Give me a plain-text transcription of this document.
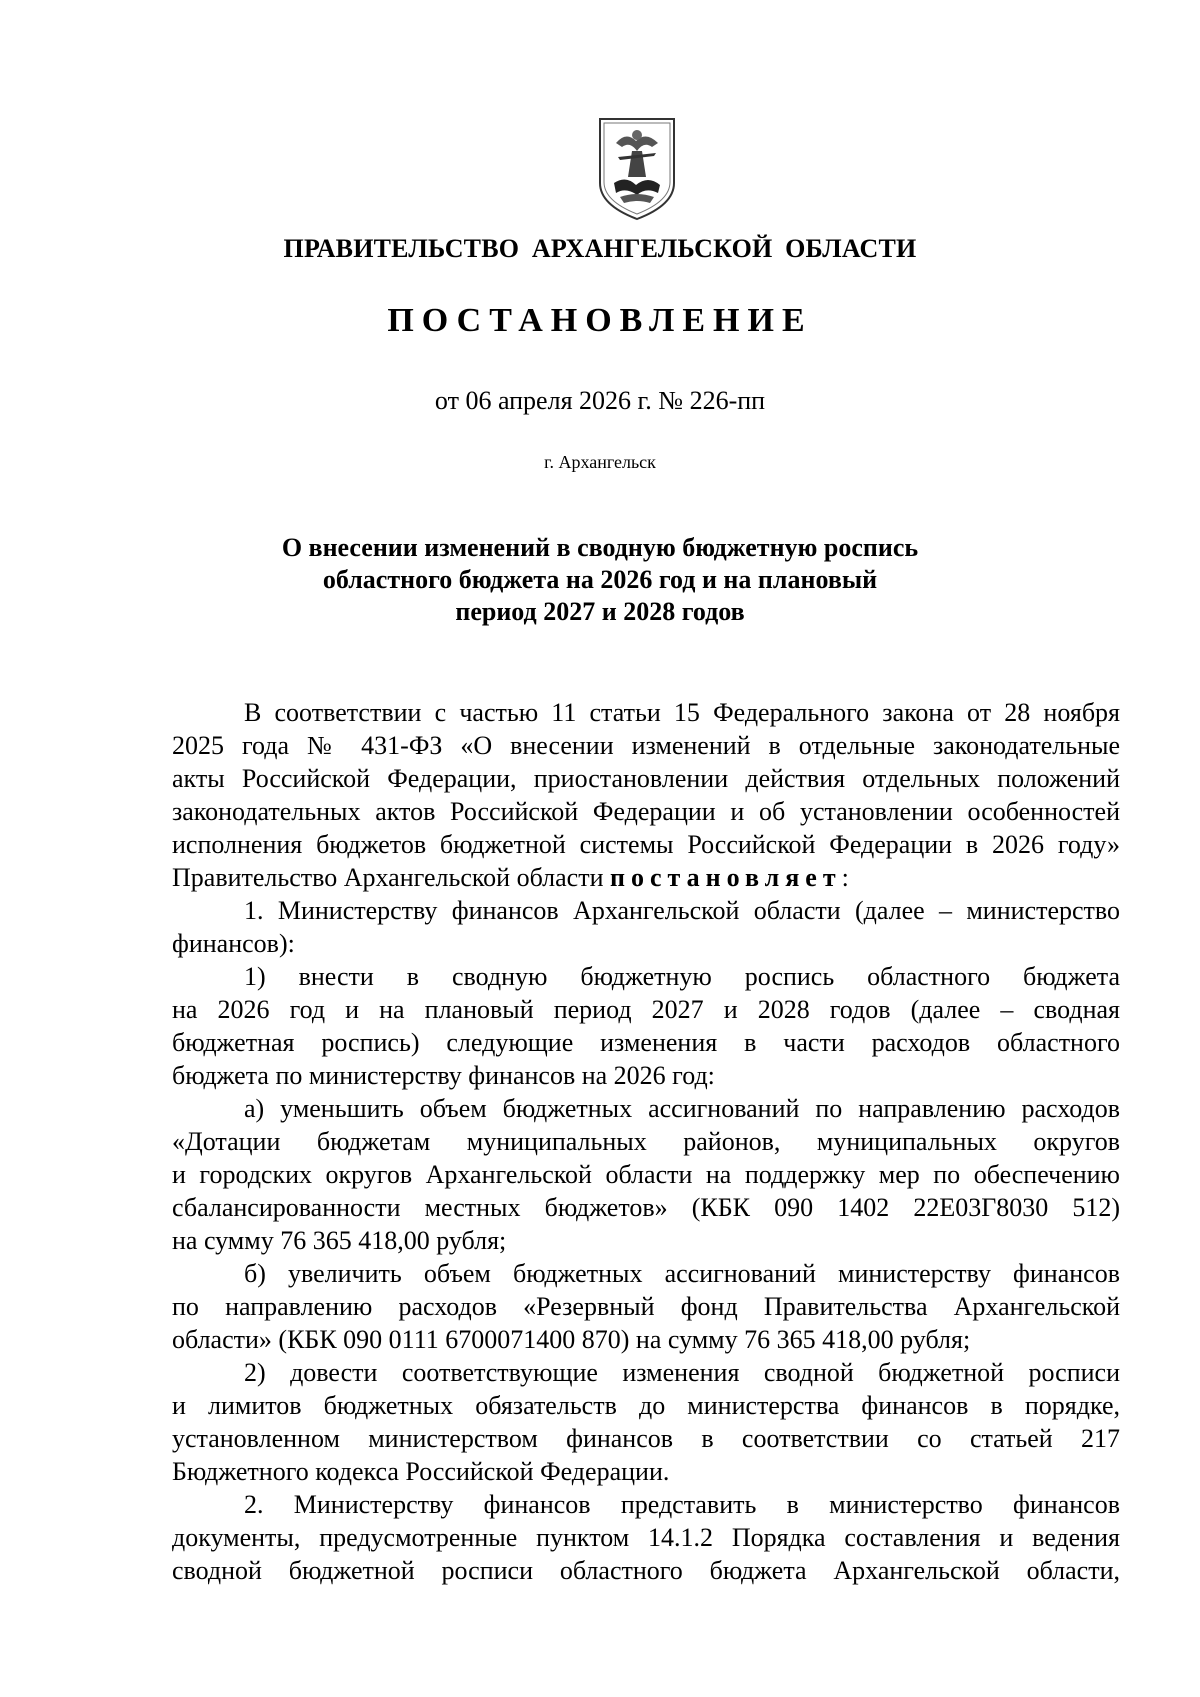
ПРАВИТЕЛЬСТВО АРХАНГЕЛЬСКОЙ ОБЛАСТИ
ПОСТАНОВЛЕНИЕ
от 06 апреля 2026 г. № 226-пп
г. Архангельск
О внесении изменений в сводную бюджетную роспись
областного бюджета на 2026 год и на плановый
период 2027 и 2028 годов
В соответствии с частью 11 статьи 15 Федерального закона от 28 ноября
2025 года № 431-ФЗ «О внесении изменений в отдельные законодательные
акты Российской Федерации, приостановлении действия отдельных положений
законодательных актов Российской Федерации и об установлении особенностей
исполнения бюджетов бюджетной системы Российской Федерации в 2026 году»
Правительство Архангельской области постановляет:
1. Министерству финансов Архангельской области (далее – министерство
финансов):
1) внести в сводную бюджетную роспись областного бюджета
на 2026 год и на плановый период 2027 и 2028 годов (далее – сводная
бюджетная роспись) следующие изменения в части расходов областного
бюджета по министерству финансов на 2026 год:
а) уменьшить объем бюджетных ассигнований по направлению расходов
«Дотации бюджетам муниципальных районов, муниципальных округов
и городских округов Архангельской области на поддержку мер по обеспечению
сбалансированности местных бюджетов» (КБК 090 1402 22Е03Г8030 512)
на сумму 76 365 418,00 рубля;
б) увеличить объем бюджетных ассигнований министерству финансов
по направлению расходов «Резервный фонд Правительства Архангельской
области» (КБК 090 0111 6700071400 870) на сумму 76 365 418,00 рубля;
2) довести соответствующие изменения сводной бюджетной росписи
и лимитов бюджетных обязательств до министерства финансов в порядке,
установленном министерством финансов в соответствии со статьей 217
Бюджетного кодекса Российской Федерации.
2. Министерству финансов представить в министерство финансов
документы, предусмотренные пунктом 14.1.2 Порядка составления и ведения
сводной бюджетной росписи областного бюджета Архангельской области,
